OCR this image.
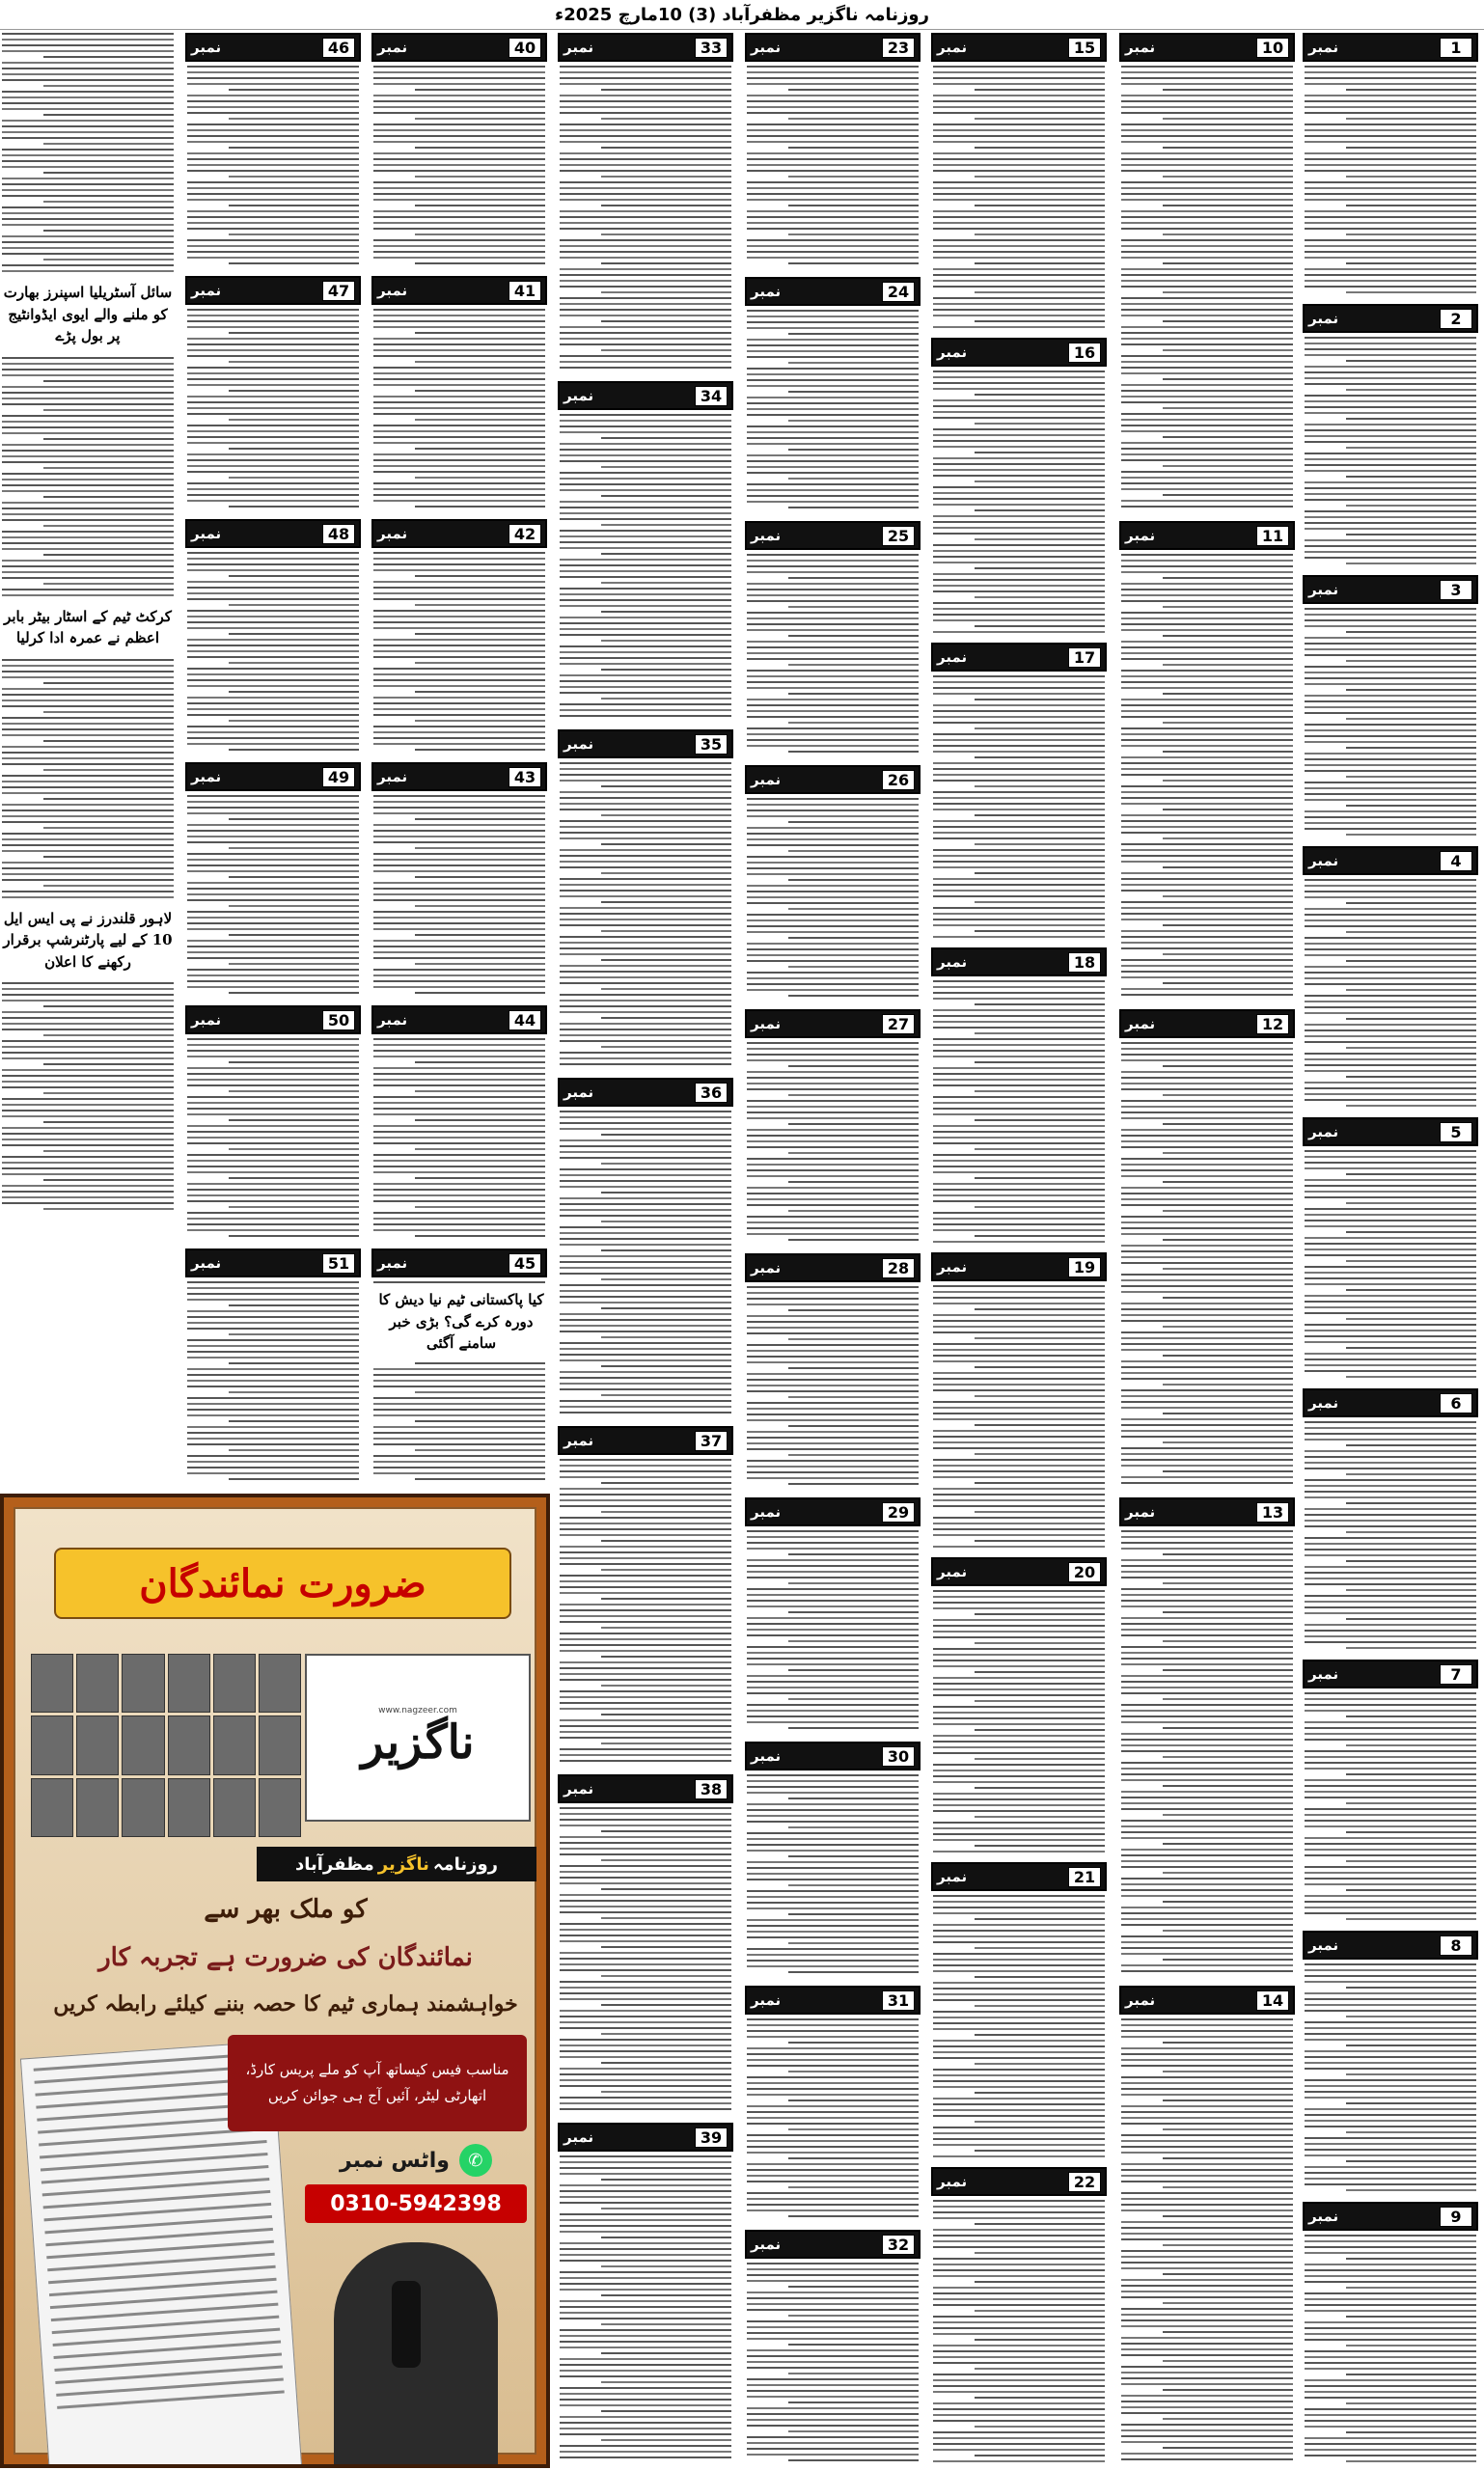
روزنامہ ناگزیر مظفرآباد (3) 10مارچ 2025ء
1
نمبر
2
نمبر
3
نمبر
4
نمبر
5
نمبر
6
نمبر
7
نمبر
8
نمبر
9
نمبر
10
نمبر
11
نمبر
12
نمبر
13
نمبر
14
نمبر
15
نمبر
16
نمبر
17
نمبر
18
نمبر
19
نمبر
20
نمبر
21
نمبر
22
نمبر
23
نمبر
24
نمبر
25
نمبر
26
نمبر
27
نمبر
28
نمبر
29
نمبر
30
نمبر
31
نمبر
32
نمبر
33
نمبر
34
نمبر
35
نمبر
36
نمبر
37
نمبر
38
نمبر
39
نمبر
40
نمبر
41
نمبر
42
نمبر
43
نمبر
44
نمبر
45
نمبر
کیا پاکستانی ٹیم نیا دیش کا دورہ کرے گی؟ بڑی خبر سامنے آگئی
46
نمبر
47
نمبر
48
نمبر
49
نمبر
50
نمبر
51
نمبر
سائل آسٹریلیا اسپنرز بھارت کو ملنے والے ایوی ایڈوانٹیج پر بول پڑے
کرکٹ ٹیم کے اسٹار بیٹر بابر اعظم نے عمرہ ادا کرلیا
لاہور قلندرز نے پی ایس ایل 10 کے لیے پارٹنرشپ برقرار رکھنے کا اعلان
ضرورت نمائندگان
www.nagzeer.com
ناگزیر
روزنامہ
ناگزیر
مظفرآباد
کو ملک بھر سے
نمائندگان کی ضرورت ہے تجربہ کار
خواہشمند ہماری ٹیم کا حصہ بننے کیلئے رابطہ کریں
مناسب فیس کیساتھ آپ کو ملے پریس کارڈ،
اتھارٹی لیٹر، آئیں آج ہی جوائن کریں
✆
واٹس نمبر
0310-5942398
